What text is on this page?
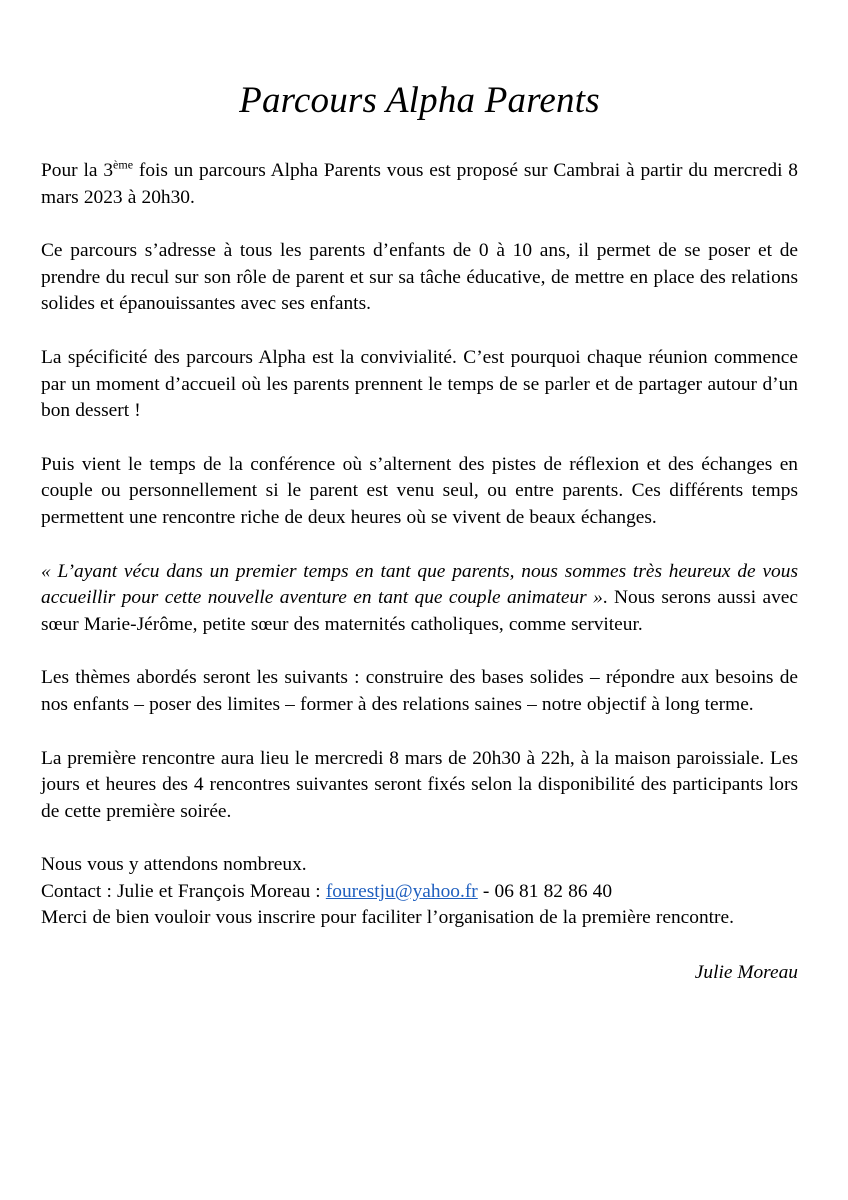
Parcours Alpha Parents

Pour la 3ème fois un parcours Alpha Parents vous est proposé sur Cambrai à partir du mercredi 8 mars 2023 à 20h30.

Ce parcours s’adresse à tous les parents d’enfants de 0 à 10 ans, il permet de se poser et de prendre du recul sur son rôle de parent et sur sa tâche éducative, de mettre en place des relations solides et épanouissantes avec ses enfants.

La spécificité des parcours Alpha est la convivialité. C’est pourquoi chaque réunion commence par un moment d’accueil où les parents prennent le temps de se parler et de partager autour d’un bon dessert !

Puis vient le temps de la conférence où s’alternent des pistes de réflexion et des échanges en couple ou personnellement si le parent est venu seul, ou entre parents. Ces différents temps permettent une rencontre riche de deux heures où se vivent de beaux échanges.

« L’ayant vécu dans un premier temps en tant que parents, nous sommes très heureux de vous accueillir pour cette nouvelle aventure en tant que couple animateur ». Nous serons aussi avec sœur Marie-Jérôme, petite sœur des maternités catholiques, comme serviteur.

Les thèmes abordés seront les suivants : construire des bases solides – répondre aux besoins de nos enfants – poser des limites – former à des relations saines – notre objectif à long terme.

La première rencontre aura lieu le mercredi 8 mars de 20h30 à 22h, à la maison paroissiale. Les jours et heures des 4 rencontres suivantes seront fixés selon la disponibilité des participants lors de cette première soirée.

Nous vous y attendons nombreux.
Contact : Julie et François Moreau : fourestju@yahoo.fr - 06 81 82 86 40
Merci de bien vouloir vous inscrire pour faciliter l’organisation de la première rencontre.

Julie Moreau
